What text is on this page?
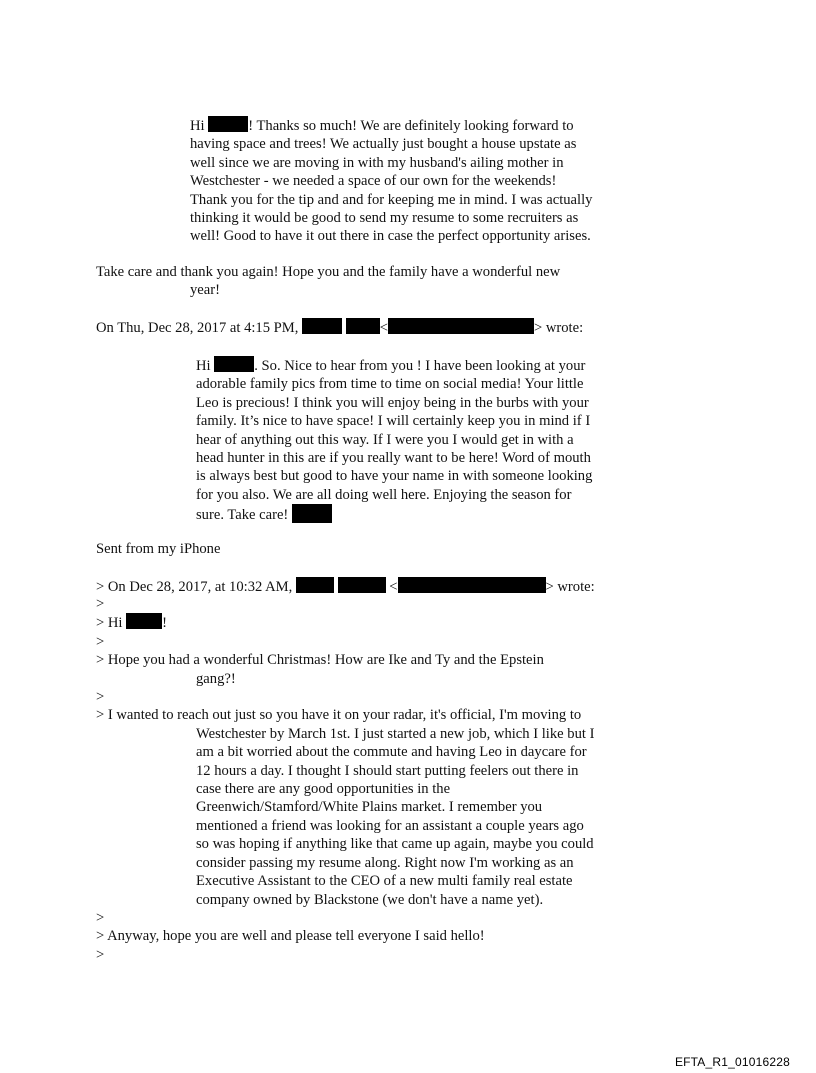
Hi	! Thanks so much! We are definitely looking forward to
having space and trees! We actually just bought a house upstate as
well since we are moving in with my husband's ailing mother in
Westchester - we needed a space of our own for the weekends!
Thank you for the tip and and for keeping me in mind. I was actually
thinking it would be good to send my resume to some recruiters as
well! Good to have it out there in case the perfect opportunity arises.
Take care and thank you again! Hope you and the family have a wonderful new
year!
On Thu, Dec 28, 2017 at 4:15 PM,	<	> wrote:
Hi	. So. Nice to hear from you ! I have been looking at your
adorable family pics from time to time on social media! Your little
Leo is precious! I think you will enjoy being in the burbs with your
family. It’s nice to have space! I will certainly keep you in mind if I
hear of anything out this way. If I were you I would get in with a
head hunter in this are if you really want to be here! Word of mouth
is always best but good to have your name in with someone looking
for you also. We are all doing well here. Enjoying the season for
sure. Take care!
Sent from my iPhone
> On Dec 28, 2017, at 10:32 AM,	<	> wrote:
>
> Hi	!
>
> Hope you had a wonderful Christmas! How are Ike and Ty and the Epstein
gang?!
>
> I wanted to reach out just so you have it on your radar, it's official, I'm moving to
Westchester by March 1st. I just started a new job, which I like but I
am a bit worried about the commute and having Leo in daycare for
12 hours a day. I thought I should start putting feelers out there in
case there are any good opportunities in the
Greenwich/Stamford/White Plains market. I remember you
mentioned a friend was looking for an assistant a couple years ago
so was hoping if anything like that came up again, maybe you could
consider passing my resume along. Right now I'm working as an
Executive Assistant to the CEO of a new multi family real estate
company owned by Blackstone (we don't have a name yet).
>
> Anyway, hope you are well and please tell everyone I said hello!
>
EFTA_R1_01016228
